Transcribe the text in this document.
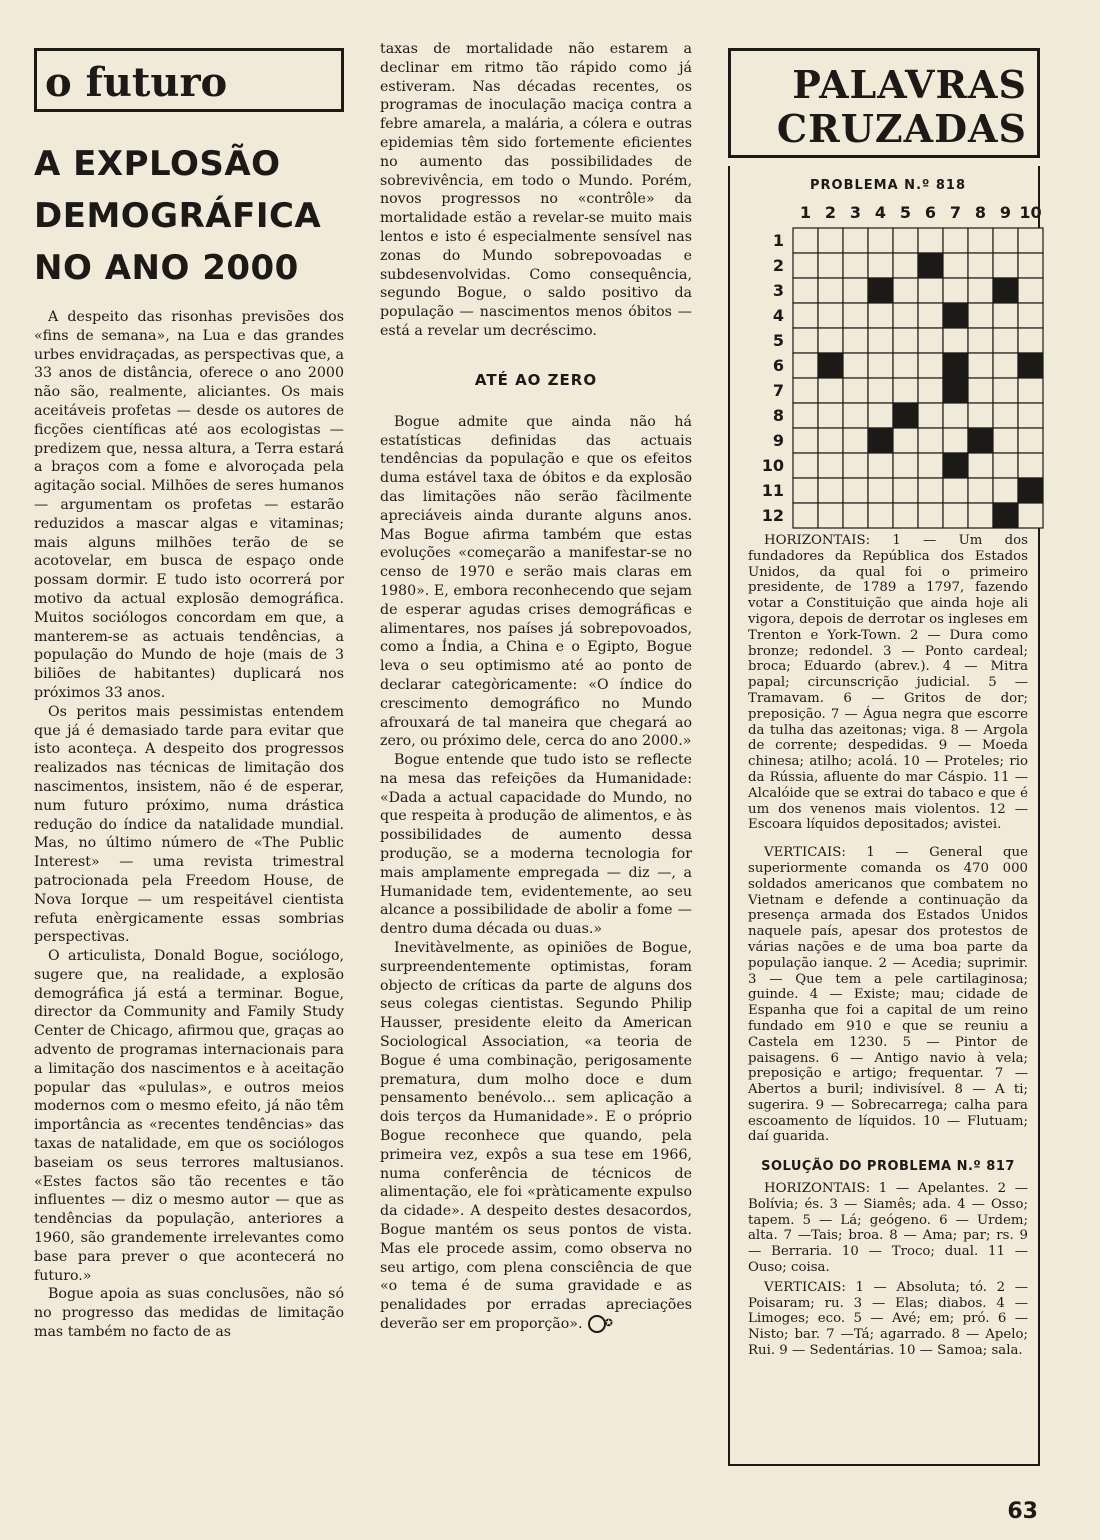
o futuro
A EXPLOSÃO
DEMOGRÁFICA
NO ANO 2000

A despeito das risonhas previsões dos «fins de semana», na Lua e das grandes urbes envidraçadas, as perspectivas que, a 33 anos de distância, oferece o ano 2000 não são, realmente, aliciantes. Os mais aceitáveis profetas — desde os autores de ficções científicas até aos ecologistas — predizem que, nessa altura, a Terra estará a braços com a fome e alvoroçada pela agitação social. Milhões de seres humanos — argumentam os profetas — estarão reduzidos a mascar algas e vitaminas; mais alguns milhões terão de se acotovelar, em busca de espaço onde possam dormir. E tudo isto ocorrerá por motivo da actual explosão demográfica. Muitos sociólogos concordam em que, a manterem-se as actuais tendências, a população do Mundo de hoje (mais de 3 biliões de habitantes) duplicará nos próximos 33 anos.

Os peritos mais pessimistas entendem que já é demasiado tarde para evitar que isto aconteça. A despeito dos progressos realizados nas técnicas de limitação dos nascimentos, insistem, não é de esperar, num futuro próximo, numa drástica redução do índice da natalidade mundial. Mas, no último número de «The Public Interest» — uma revista trimestral patrocionada pela Freedom House, de Nova Iorque — um respeitável cientista refuta enèrgicamente essas sombrias perspectivas.

O articulista, Donald Bogue, sociólogo, sugere que, na realidade, a explosão demográfica já está a terminar. Bogue, director da Community and Family Study Center de Chicago, afirmou que, graças ao advento de programas internacionais para a limitação dos nascimentos e à aceitação popular das «pululas», e outros meios modernos com o mesmo efeito, já não têm importância as «recentes tendências» das taxas de natalidade, em que os sociólogos baseiam os seus terrores maltusianos. «Estes factos são tão recentes e tão influentes — diz o mesmo autor — que as tendências da população, anteriores a 1960, são grandemente irrelevantes como base para prever o que acontecerá no futuro.»

Bogue apoia as suas conclusões, não só no progresso das medidas de limitação mas também no facto de as

taxas de mortalidade não estarem a declinar em ritmo tão rápido como já estiveram. Nas décadas recentes, os programas de inoculação maciça contra a febre amarela, a malária, a cólera e outras epidemias têm sido fortemente eficientes no aumento das possibilidades de sobrevivência, em todo o Mundo. Porém, novos progressos no «contrôle» da mortalidade estão a revelar-se muito mais lentos e isto é especialmente sensível nas zonas do Mundo sobrepovoadas e subdesenvolvidas. Como consequência, segundo Bogue, o saldo positivo da população — nascimentos menos óbitos — está a revelar um decréscimo.

ATÉ AO ZERO

Bogue admite que ainda não há estatísticas definidas das actuais tendências da população e que os efeitos duma estável taxa de óbitos e da explosão das limitações não serão fàcilmente apreciáveis ainda durante alguns anos. Mas Bogue afirma também que estas evoluções «começarão a manifestar-se no censo de 1970 e serão mais claras em 1980». E, embora reconhecendo que sejam de esperar agudas crises demográficas e alimentares, nos países já sobrepovoados, como a Índia, a China e o Egipto, Bogue leva o seu optimismo até ao ponto de declarar categòricamente: «O índice do crescimento demográfico no Mundo afrouxará de tal maneira que chegará ao zero, ou próximo dele, cerca do ano 2000.»

Bogue entende que tudo isto se reflecte na mesa das refeições da Humanidade: «Dada a actual capacidade do Mundo, no que respeita à produção de alimentos, e às possibilidades de aumento dessa produção, se a moderna tecnologia for mais amplamente empregada — diz —, a Humanidade tem, evidentemente, ao seu alcance a possibilidade de abolir a fome — dentro duma década ou duas.»

Inevitàvelmente, as opiniões de Bogue, surpreendentemente optimistas, foram objecto de críticas da parte de alguns dos seus colegas cientistas. Segundo Philip Hausser, presidente eleito da American Sociological Association, «a teoria de Bogue é uma combinação, perigosamente prematura, dum molho doce e dum pensamento benévolo... sem aplicação a dois terços da Humanidade». E o próprio Bogue reconhece que quando, pela primeira vez, expôs a sua tese em 1966, numa conferência de técnicos de alimentação, ele foi «pràticamente expulso da cidade». A despeito destes desacordos, Bogue mantém os seus pontos de vista. Mas ele procede assim, como observa no seu artigo, com plena consciência de que «o tema é de suma gravidade e as penalidades por erradas apreciações deverão ser em proporção». ✪

PALAVRAS
CRUZADAS
PROBLEMA N.º 818
1 2 3 4 5 6 7 8 9 10
1
2
3
4
5
6
7
8
9
10
11
12

HORIZONTAIS: 1 — Um dos fundadores da República dos Estados Unidos, da qual foi o primeiro presidente, de 1789 a 1797, fazendo votar a Constituição que ainda hoje ali vigora, depois de derrotar os ingleses em Trenton e York-Town. 2 — Dura como bronze; redondel. 3 — Ponto cardeal; broca; Eduardo (abrev.). 4 — Mitra papal; circunscrição judicial. 5 — Tramavam. 6 — Gritos de dor; preposição. 7 — Água negra que escorre da tulha das azeitonas; viga. 8 — Argola de corrente; despedidas. 9 — Moeda chinesa; atilho; acolá. 10 — Proteles; rio da Rússia, afluente do mar Cáspio. 11 — Alcalóide que se extrai do tabaco e que é um dos venenos mais violentos. 12 — Escoara líquidos depositados; avistei.

VERTICAIS: 1 — General que superiormente comanda os 470 000 soldados americanos que combatem no Vietnam e defende a continuação da presença armada dos Estados Unidos naquele país, apesar dos protestos de várias nações e de uma boa parte da população ianque. 2 — Acedia; suprimir. 3 — Que tem a pele cartilaginosa; guinde. 4 — Existe; mau; cidade de Espanha que foi a capital de um reino fundado em 910 e que se reuniu a Castela em 1230. 5 — Pintor de paisagens. 6 — Antigo navio à vela; preposição e artigo; frequentar. 7 — Abertos a buril; indivisível. 8 — A ti; sugerira. 9 — Sobrecarrega; calha para escoamento de líquidos. 10 — Flutuam; daí guarida.

SOLUÇÃO DO PROBLEMA N.º 817

HORIZONTAIS: 1 — Apelantes. 2 — Bolívia; és. 3 — Siamês; ada. 4 — Osso; tapem. 5 — Lá; geógeno. 6 — Urdem; alta. 7 —Tais; broa. 8 — Ama; par; rs. 9 — Berraria. 10 — Troco; dual. 11 — Ouso; coisa.

VERTICAIS: 1 — Absoluta; tó. 2 — Poisaram; ru. 3 — Elas; diabos. 4 — Limoges; eco. 5 — Avé; em; pró. 6 — Nisto; bar. 7 —Tá; agarrado. 8 — Apelo; Rui. 9 — Sedentárias. 10 — Samoa; sala.

63
